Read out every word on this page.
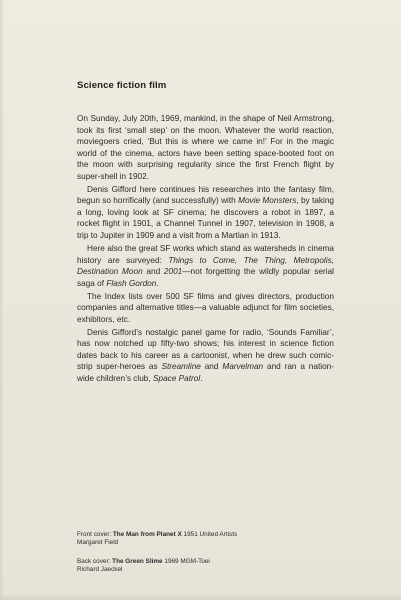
Science fiction film

On Sunday, July 20th, 1969, mankind, in the shape of Neil Armstrong, took its first ‘small step’ on the moon. Whatever the world reaction, moviegoers cried, ‘But this is where we came in!’ For in the magic world of the cinema, actors have been setting space-booted foot on the moon with surprising regularity since the first French flight by super-shell in 1902.

Denis Gifford here continues his researches into the fantasy film, begun so horrifically (and successfully) with Movie Monsters, by taking a long, loving look at SF cinema; he discovers a robot in 1897, a rocket flight in 1901, a Channel Tunnel in 1907, television in 1908, a trip to Jupiter in 1909 and a visit from a Martian in 1913.

Here also the great SF works which stand as watersheds in cinema history are surveyed: Things to Come, The Thing, Metropolis, Destination Moon and 2001—not forgetting the wildly popular serial saga of Flash Gordon.

The Index lists over 500 SF films and gives directors, production companies and alternative titles—a valuable adjunct for film societies, exhibitors, etc.

Denis Gifford’s nostalgic panel game for radio, ‘Sounds Familiar’, has now notched up fifty-two shows; his interest in science fiction dates back to his career as a cartoonist, when he drew such comic-strip super-heroes as Streamline and Marvelman and ran a nation-wide children’s club, Space Patrol.

Front cover: The Man from Planet X 1951 United Artists
Margaret Field
Back cover: The Green Slime 1969 MGM-Toei
Richard Jaeckel
